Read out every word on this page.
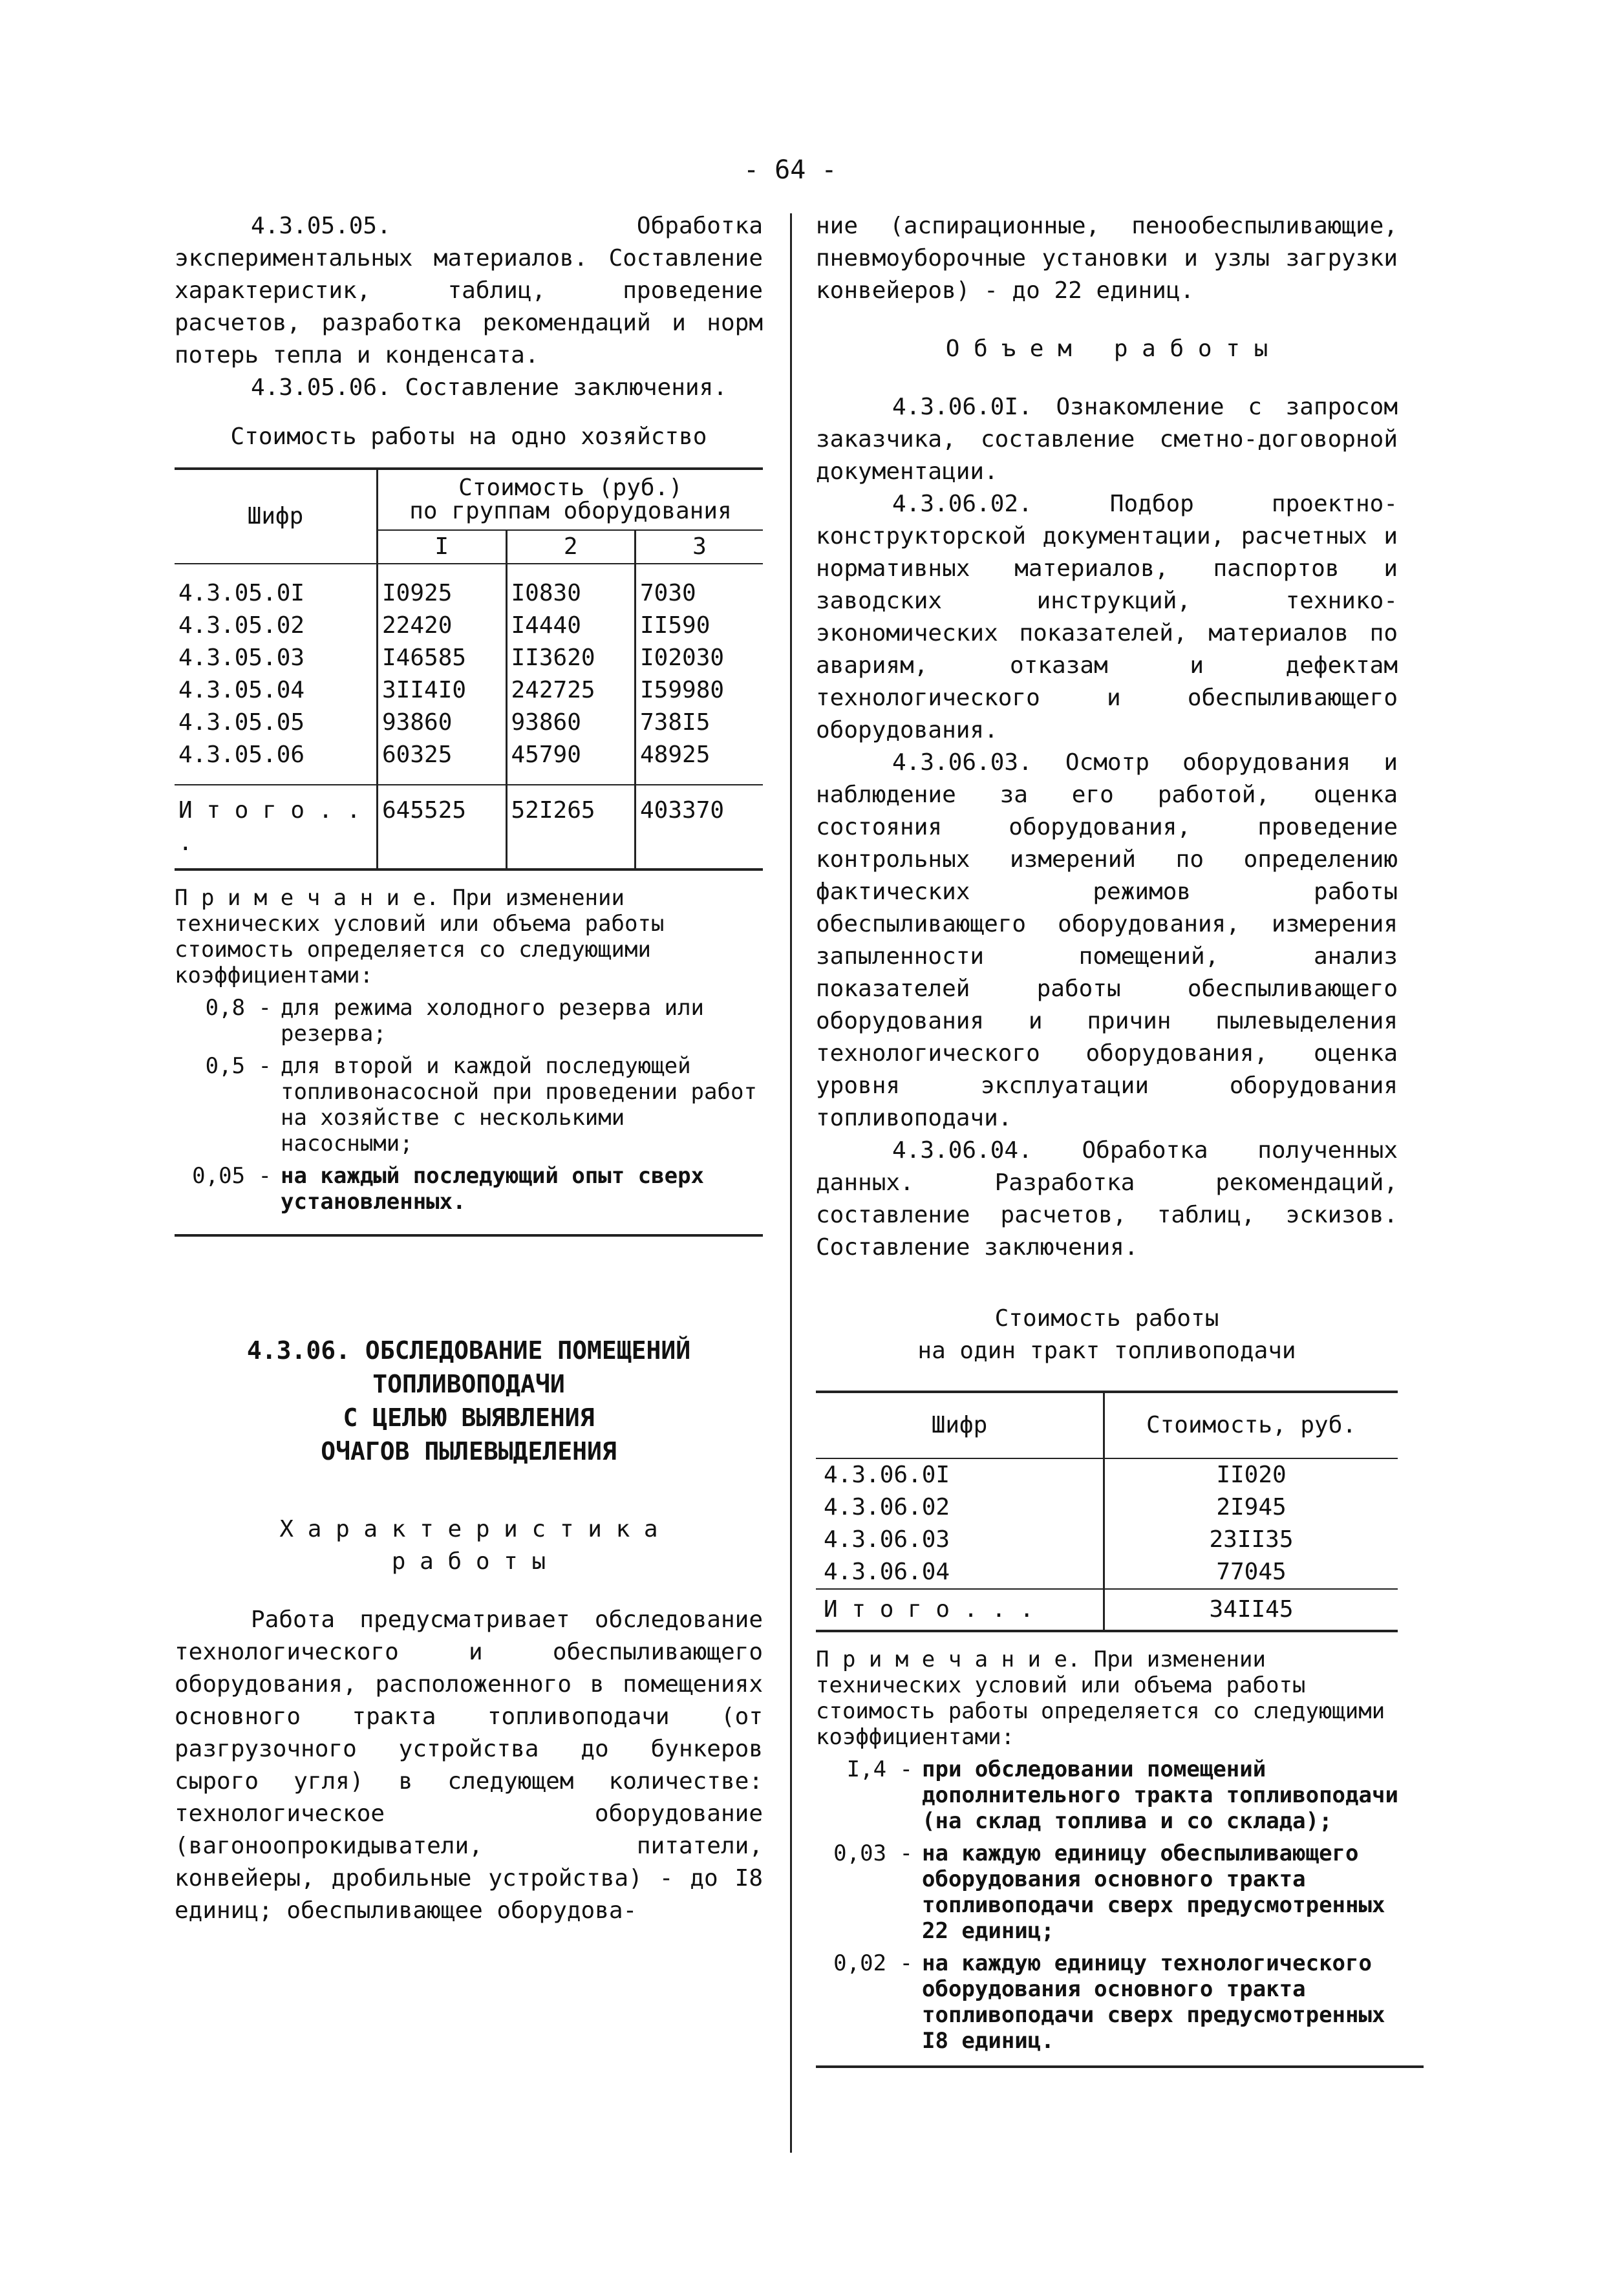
- 64 -

4.3.05.05. Обработка экспериментальных материалов. Составление характеристик, таблиц, проведение расчетов, разработка рекомендаций и норм потерь тепла и конденсата.

4.3.05.06. Составление заключения.

Стоимость работы на одно хозяйство

Шифр	Стоимость (руб.)
по группам оборудования		

	I	2	3

4.3.05.0I	I0925	I0830	7030
4.3.05.02	22420	I4440	II590
4.3.05.03	I46585	II3620	I02030
4.3.05.04	3II4I0	242725	I59980
4.3.05.05	93860	93860	738I5
4.3.05.06	60325	45790	48925

И т о г о . . .	645525	52I265	403370
П р и м е ч а н и е. При изменении технических условий или объема работы стоимость определяется со следующими коэффициентами:
0,8 - для режима холодного резерва или резерва;
0,5 - для второй и каждой последующей топливонасосной при проведении работ на хозяйстве с несколькими насосными;
0,05 - на каждый последующий опыт сверх установленных.
4.3.06. ОБСЛЕДОВАНИЕ ПОМЕЩЕНИЙ
ТОПЛИВОПОДАЧИ
С ЦЕЛЬЮ ВЫЯВЛЕНИЯ
ОЧАГОВ ПЫЛЕВЫДЕЛЕНИЯ
Х а р а к т е р и с т и к а
р а б о т ы

Работа предусматривает обследование технологического и обеспыливающего оборудования, расположенного в помещениях основного тракта топливоподачи (от разгрузочного устройства до бункеров сырого угля) в следующем количестве: технологическое оборудование (вагоноопрокидыватели, питатели, конвейеры, дробильные устройства) - до I8 единиц; обеспыливающее оборудова-

ние (аспирационные, пенообеспыливающие, пневмоуборочные установки и узлы загрузки конвейеров) - до 22 единиц.

О б ъ е м   р а б о т ы

4.3.06.0I. Ознакомление с запросом заказчика, составление сметно-договорной документации.

4.3.06.02. Подбор проектно-конструкторской документации, расчетных и нормативных материалов, паспортов и заводских инструкций, технико-экономических показателей, материалов по авариям, отказам и дефектам технологического и обеспыливающего оборудования.

4.3.06.03. Осмотр оборудования и наблюдение за его работой, оценка состояния оборудования, проведение контрольных измерений по определению фактических режимов работы обеспыливающего оборудования, измерения запыленности помещений, анализ показателей работы обеспыливающего оборудования и причин пылевыделения технологического оборудования, оценка уровня эксплуатации оборудования топливоподачи.

4.3.06.04. Обработка полученных данных. Разработка рекомендаций, составление расчетов, таблиц, эскизов. Составление заключения.

Стоимость работы

на один тракт топливоподачи

Шифр	Стоимость, руб.
4.3.06.0I	II020
4.3.06.02	2I945
4.3.06.03	23II35
4.3.06.04	77045
И т о г о . . .	34II45
П р и м е ч а н и е. При изменении технических условий или объема работы стоимость работы определяется со следующими коэффициентами:
I,4 - при обследовании помещений дополнительного тракта топливоподачи (на склад топлива и со склада);
0,03 - на каждую единицу обеспыливающего оборудования основного тракта топливоподачи сверх предусмотренных 22 единиц;
0,02 - на каждую единицу технологического оборудования основного тракта топливоподачи сверх предусмотренных I8 единиц.
